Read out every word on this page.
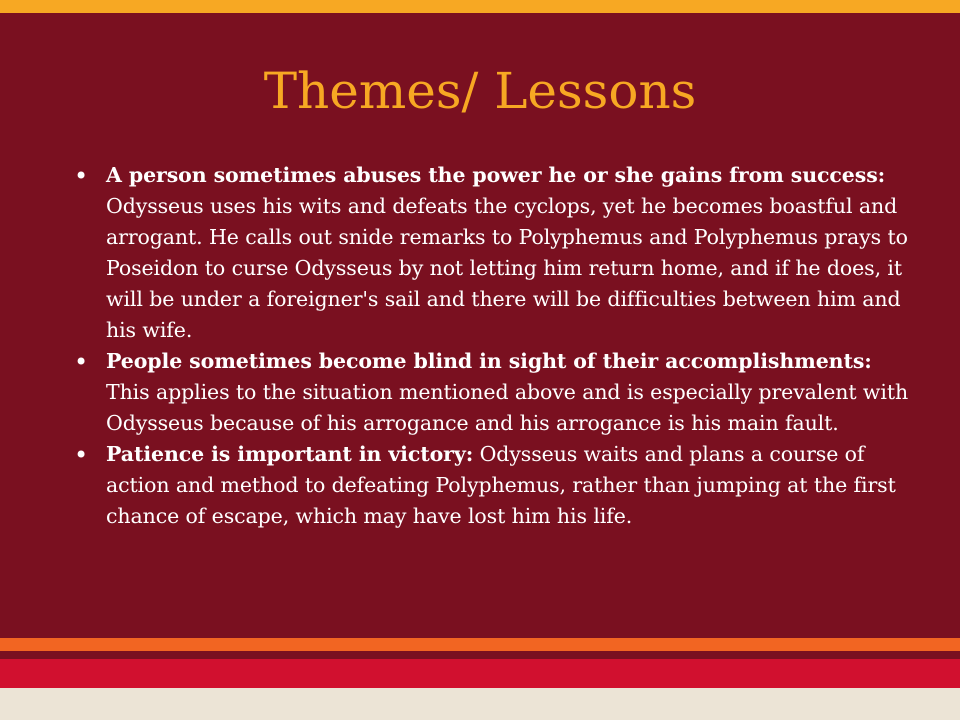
Themes/ Lessons
• A person sometimes abuses the power he or she gains from success: Odysseus uses his wits and defeats the cyclops, yet he becomes boastful and arrogant. He calls out snide remarks to Polyphemus and Polyphemus prays to Poseidon to curse Odysseus by not letting him return home, and if he does, it will be under a foreigner's sail and there will be difficulties between him and his wife.
• People sometimes become blind in sight of their accomplishments: This applies to the situation mentioned above and is especially prevalent with Odysseus because of his arrogance and his arrogance is his main fault.
• Patience is important in victory: Odysseus waits and plans a course of action and method to defeating Polyphemus, rather than jumping at the first chance of escape, which may have lost him his life.
